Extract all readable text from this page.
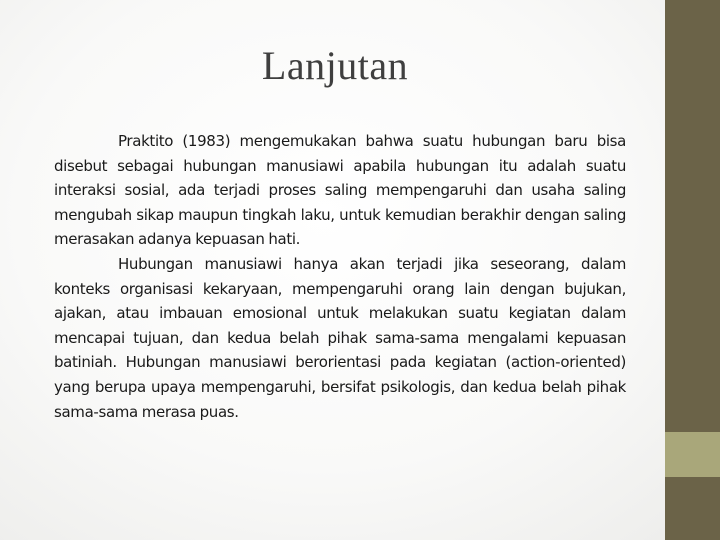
Lanjutan

Praktito (1983) mengemukakan bahwa suatu hubungan baru bisa disebut sebagai hubungan manusiawi apabila hubungan itu adalah suatu interaksi sosial, ada terjadi proses saling mempengaruhi dan usaha saling mengubah sikap maupun tingkah laku, untuk kemudian berakhir dengan saling merasakan adanya kepuasan hati.

Hubungan manusiawi hanya akan terjadi jika seseorang, dalam konteks organisasi kekaryaan, mempengaruhi orang lain dengan bujukan, ajakan, atau imbauan emosional untuk melakukan suatu kegiatan dalam mencapai tujuan, dan kedua belah pihak sama-sama mengalami kepuasan batiniah. Hubungan manusiawi berorientasi pada kegiatan (action-oriented) yang berupa upaya mempengaruhi, bersifat psikologis, dan kedua belah pihak sama-sama merasa puas.
